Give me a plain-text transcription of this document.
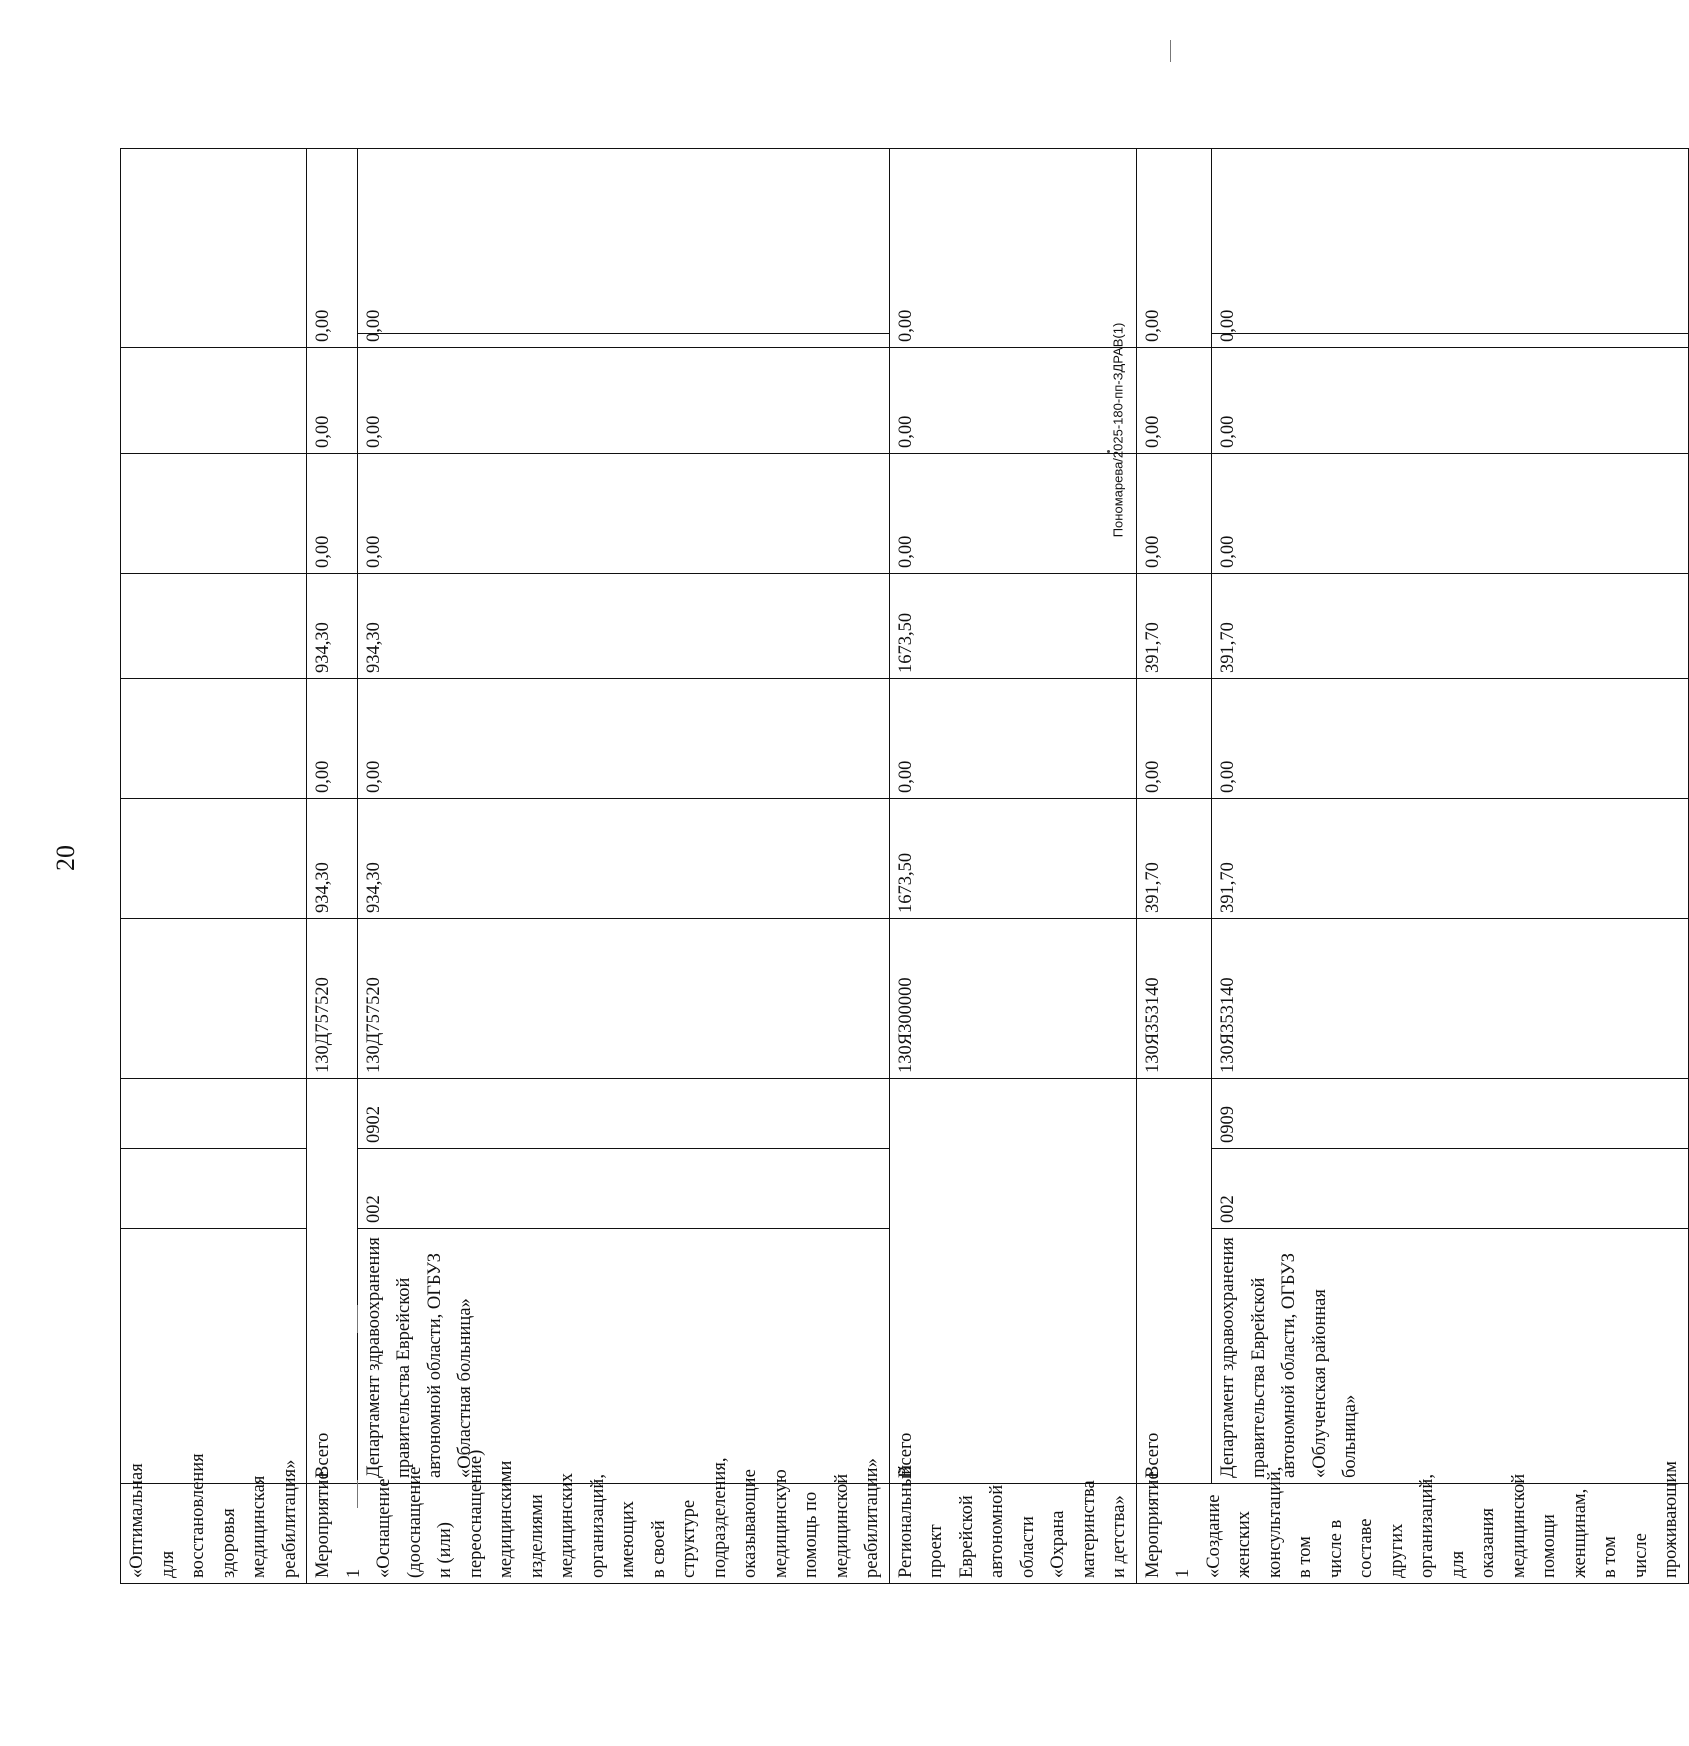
20
«Оптимальная для восстановления здоровья медицинская реабилитация»											
Мероприятие 1 «Оснащение (дооснащение и (или) переоснащение) медицинскими изделиями медицинских организаций, имеющих в своей структуре подразделения, оказывающие медицинскую помощь по медицинской реабилитации»	Всего			130Д757520	934,30	0,00	934,30	0,00	0,00	0,00	
	Департамент здравоохранения правительства Еврейской автономной области, ОГБУЗ «Областная больница»	002	0902	130Д757520	934,30	0,00	934,30	0,00	0,00	0,00	
Региональный проект Еврейской автономной области «Охрана материнства и детства»	Всего			130Я300000	1673,50	0,00	1673,50	0,00	0,00	0,00	
Мероприятие 1 «Создание женских консультаций, в том числе в составе других организаций, для оказания медицинской помощи женщинам, в том числе проживающим	Всего			130Я353140	391,70	0,00	391,70	0,00	0,00	0,00	
	Департамент здравоохранения правительства Еврейской автономной области, ОГБУЗ «Облученская районная больница»	002	0909	130Я353140	391,70	0,00	391,70	0,00	0,00	0,00	
Пономарева/2025-180-пп-ЗДРАВ(1)
